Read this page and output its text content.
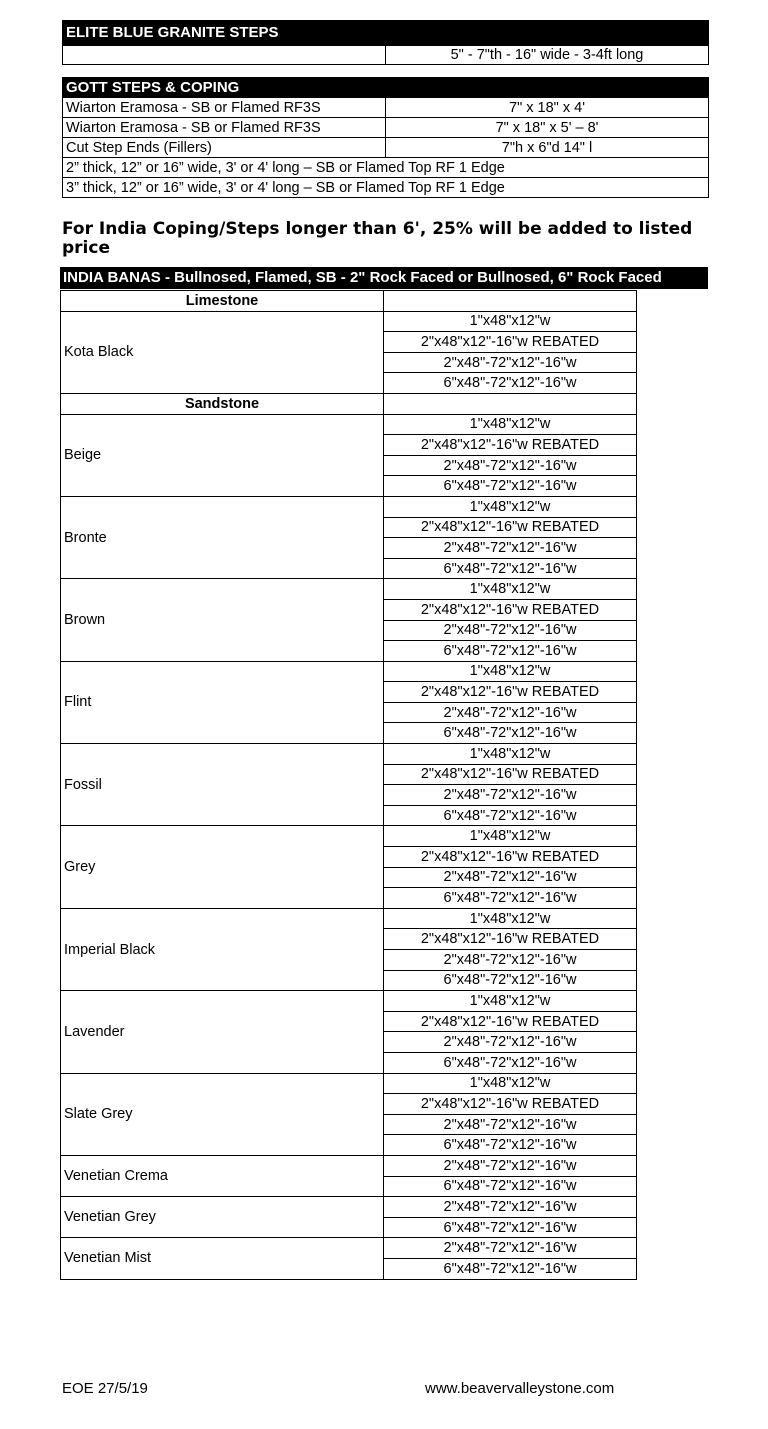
ELITE BLUE GRANITE STEPS
	5" - 7"th - 16" wide - 3-4ft long
GOTT STEPS & COPING	
Wiarton Eramosa - SB or Flamed RF3S	7" x 18" x 4'
Wiarton Eramosa - SB or Flamed RF3S	7" x 18" x 5' – 8'
Cut Step Ends (Fillers)	7"h x 6"d 14" l
2” thick, 12” or 16” wide, 3' or 4' long – SB or Flamed Top RF 1 Edge	
3” thick, 12” or 16” wide, 3' or 4' long – SB or Flamed Top RF 1 Edge	

For India Coping/Steps longer than 6', 25% will be added to listed price

INDIA BANAS - Bullnosed, Flamed, SB - 2" Rock Faced or Bullnosed, 6" Rock Faced
Limestone	
Kota Black	1"x48"x12"w
	2"x48"x12"-16"w REBATED
	2"x48"-72"x12"-16"w
	6"x48"-72"x12"-16"w
Sandstone	
Beige	1"x48"x12"w
	2"x48"x12"-16"w REBATED
	2"x48"-72"x12"-16"w
	6"x48"-72"x12"-16"w
Bronte	1"x48"x12"w
	2"x48"x12"-16"w REBATED
	2"x48"-72"x12"-16"w
	6"x48"-72"x12"-16"w
Brown	1"x48"x12"w
	2"x48"x12"-16"w REBATED
	2"x48"-72"x12"-16"w
	6"x48"-72"x12"-16"w
Flint	1"x48"x12"w
	2"x48"x12"-16"w REBATED
	2"x48"-72"x12"-16"w
	6"x48"-72"x12"-16"w
Fossil	1"x48"x12"w
	2"x48"x12"-16"w REBATED
	2"x48"-72"x12"-16"w
	6"x48"-72"x12"-16"w
Grey	1"x48"x12"w
	2"x48"x12"-16"w REBATED
	2"x48"-72"x12"-16"w
	6"x48"-72"x12"-16"w
Imperial Black	1"x48"x12"w
	2"x48"x12"-16"w REBATED
	2"x48"-72"x12"-16"w
	6"x48"-72"x12"-16"w
Lavender	1"x48"x12"w
	2"x48"x12"-16"w REBATED
	2"x48"-72"x12"-16"w
	6"x48"-72"x12"-16"w
Slate Grey	1"x48"x12"w
	2"x48"x12"-16"w REBATED
	2"x48"-72"x12"-16"w
	6"x48"-72"x12"-16"w
Venetian Crema	2"x48"-72"x12"-16"w
	6"x48"-72"x12"-16"w
Venetian Grey	2"x48"-72"x12"-16"w
	6"x48"-72"x12"-16"w
Venetian Mist	2"x48"-72"x12"-16"w
	6"x48"-72"x12"-16"w
EOE 27/5/19	www.beavervalleystone.com
